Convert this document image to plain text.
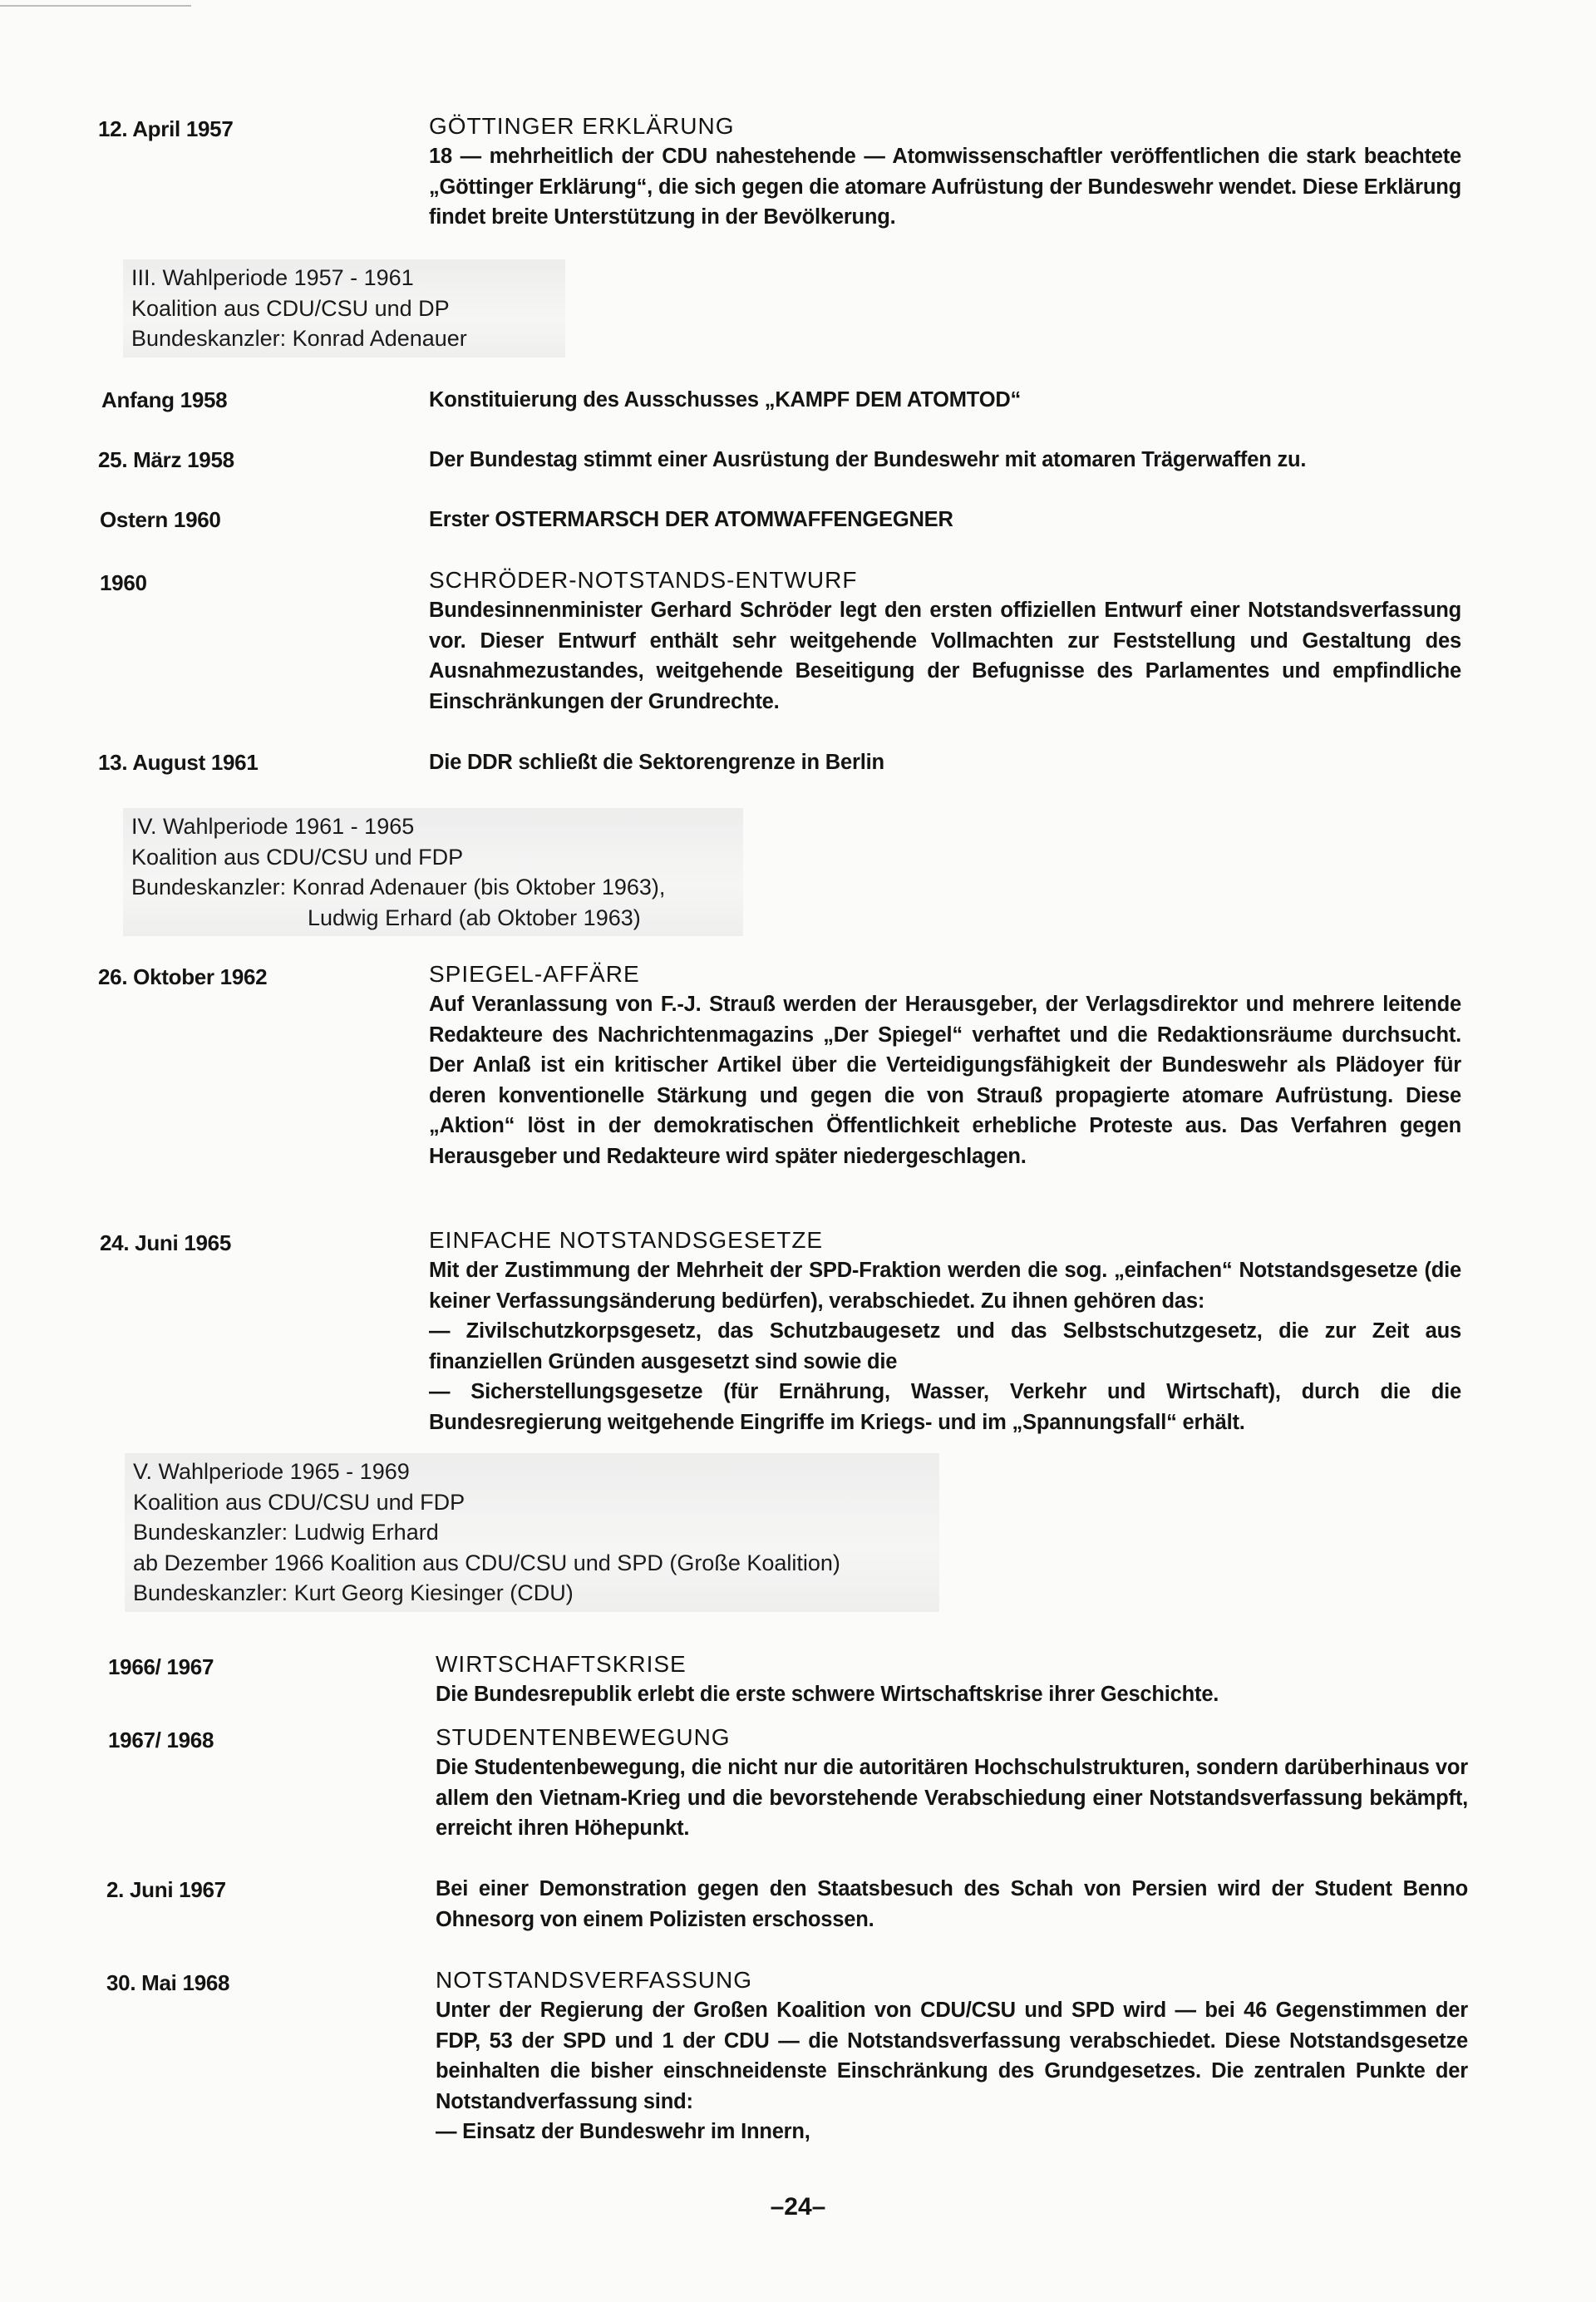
12. April 1957	GÖTTINGER ERKLÄRUNG
18 — mehrheitlich der CDU nahestehende — Atomwissenschaftler veröffentlichen die stark beachtete „Göttinger Erklärung“, die sich gegen die atomare Aufrüstung der Bundeswehr wendet. Diese Erklärung findet breite Unterstützung in der Bevölkerung.
III. Wahlperiode 1957 - 1961
Koalition aus CDU/CSU und DP
Bundeskanzler: Konrad Adenauer
Anfang 1958	Konstituierung des Ausschusses „KAMPF DEM ATOMTOD“
25. März 1958	Der Bundestag stimmt einer Ausrüstung der Bundeswehr mit atomaren Trägerwaffen zu.
Ostern 1960	Erster OSTERMARSCH DER ATOMWAFFENGEGNER
1960	SCHRÖDER-NOTSTANDS-ENTWURF
Bundesinnenminister Gerhard Schröder legt den ersten offiziellen Entwurf einer Notstandsverfassung vor. Dieser Entwurf enthält sehr weitgehende Vollmachten zur Feststellung und Gestaltung des Ausnahmezustandes, weitgehende Beseitigung der Befugnisse des Parlamentes und empfindliche Einschränkungen der Grundrechte.
13. August 1961	Die DDR schließt die Sektorengrenze in Berlin
IV. Wahlperiode 1961 - 1965
Koalition aus CDU/CSU und FDP
Bundeskanzler: Konrad Adenauer (bis Oktober 1963),
Ludwig Erhard (ab Oktober 1963)
26. Oktober 1962	SPIEGEL-AFFÄRE
Auf Veranlassung von F.-J. Strauß werden der Herausgeber, der Verlagsdirektor und mehrere leitende Redakteure des Nachrichtenmagazins „Der Spiegel“ verhaftet und die Redaktionsräume durchsucht. Der Anlaß ist ein kritischer Artikel über die Verteidigungsfähigkeit der Bundeswehr als Plädoyer für deren konventionelle Stärkung und gegen die von Strauß propagierte atomare Aufrüstung. Diese „Aktion“ löst in der demokratischen Öffentlichkeit erhebliche Proteste aus. Das Verfahren gegen Herausgeber und Redakteure wird später niedergeschlagen.
24. Juni 1965	EINFACHE NOTSTANDSGESETZE
Mit der Zustimmung der Mehrheit der SPD-Fraktion werden die sog. „einfachen“ Notstandsgesetze (die keiner Verfassungsänderung bedürfen), verabschiedet. Zu ihnen gehören das:
— Zivilschutzkorpsgesetz, das Schutzbaugesetz und das Selbstschutzgesetz, die zur Zeit aus finanziellen Gründen ausgesetzt sind sowie die
— Sicherstellungsgesetze (für Ernährung, Wasser, Verkehr und Wirtschaft), durch die die Bundesregierung weitgehende Eingriffe im Kriegs- und im „Spannungsfall“ erhält.
V. Wahlperiode 1965 - 1969
Koalition aus CDU/CSU und FDP
Bundeskanzler: Ludwig Erhard
ab Dezember 1966 Koalition aus CDU/CSU und SPD (Große Koalition)
Bundeskanzler: Kurt Georg Kiesinger (CDU)
1966/ 1967	WIRTSCHAFTSKRISE
Die Bundesrepublik erlebt die erste schwere Wirtschaftskrise ihrer Geschichte.
1967/ 1968	STUDENTENBEWEGUNG
Die Studentenbewegung, die nicht nur die autoritären Hochschulstrukturen, sondern darüberhinaus vor allem den Vietnam-Krieg und die bevorstehende Verabschiedung einer Notstandsverfassung bekämpft, erreicht ihren Höhepunkt.
2. Juni 1967	Bei einer Demonstration gegen den Staatsbesuch des Schah von Persien wird der Student Benno Ohnesorg von einem Polizisten erschossen.
30. Mai 1968	NOTSTANDSVERFASSUNG
Unter der Regierung der Großen Koalition von CDU/CSU und SPD wird — bei 46 Gegenstimmen der FDP, 53 der SPD und 1 der CDU — die Notstandsverfassung verabschiedet. Diese Notstandsgesetze beinhalten die bisher einschneidenste Einschränkung des Grundgesetzes. Die zentralen Punkte der Notstandverfassung sind:
— Einsatz der Bundeswehr im Innern,
–24–
